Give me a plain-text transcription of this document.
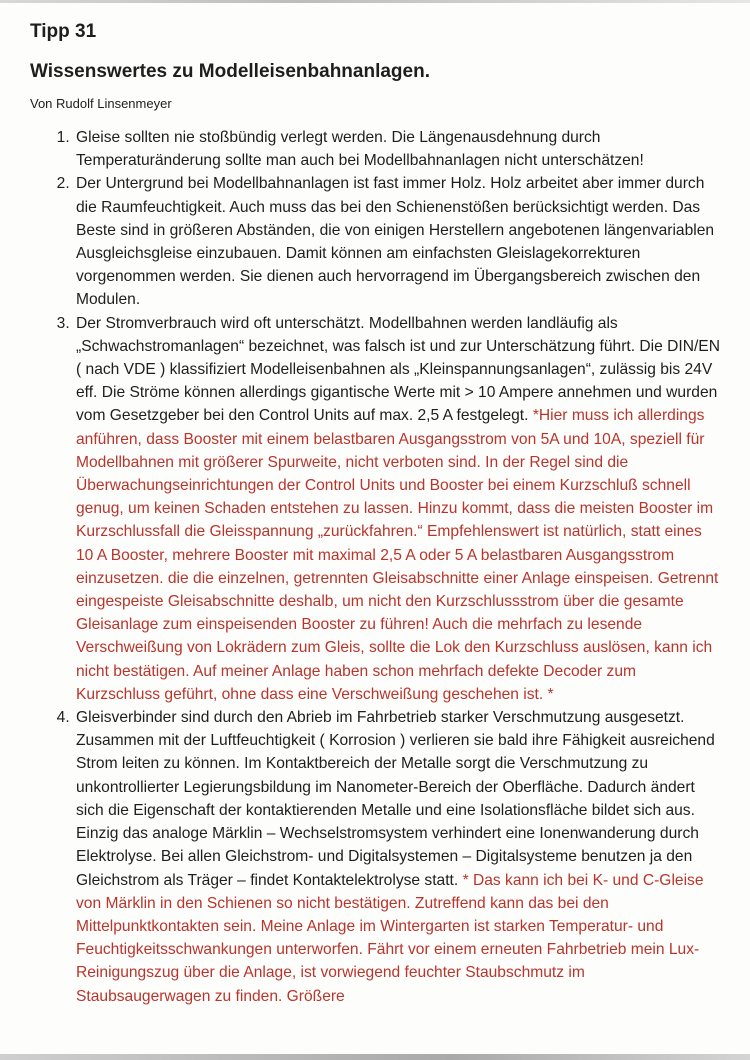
Tipp 31
Wissenswertes zu Modelleisenbahnanlagen.

Von Rudolf Linsenmeyer

1. Gleise sollten nie stoßbündig verlegt werden. Die Längenausdehnung durch Temperaturänderung sollte man auch bei Modellbahnanlagen nicht unterschätzen!
2. Der Untergrund bei Modellbahnanlagen ist fast immer Holz. Holz arbeitet aber immer durch die Raumfeuchtigkeit. Auch muss das bei den Schienenstößen berücksichtigt werden. Das Beste sind in größeren Abständen, die von einigen Herstellern angebotenen längenvariablen Ausgleichsgleise einzubauen. Damit können am einfachsten Gleislagekorrekturen vorgenommen werden. Sie dienen auch hervorragend im Übergangsbereich zwischen den Modulen.
3. Der Stromverbrauch wird oft unterschätzt. Modellbahnen werden landläufig als „Schwachstromanlagen“ bezeichnet, was falsch ist und zur Unterschätzung führt. Die DIN/EN ( nach VDE ) klassifiziert Modelleisenbahnen als „Kleinspannungsanlagen“, zulässig bis 24V eff. Die Ströme können allerdings gigantische Werte mit > 10 Ampere annehmen und wurden vom Gesetzgeber bei den Control Units auf max. 2,5 A festgelegt. *Hier muss ich allerdings anführen, dass Booster mit einem belastbaren Ausgangsstrom von 5A und 10A, speziell für Modellbahnen mit größerer Spurweite, nicht verboten sind. In der Regel sind die Überwachungseinrichtungen der Control Units und Booster bei einem Kurzschluß schnell genug, um keinen Schaden entstehen zu lassen. Hinzu kommt, dass die meisten Booster im Kurzschlussfall die Gleisspannung „zurückfahren.“ Empfehlenswert ist natürlich, statt eines 10 A Booster, mehrere Booster mit maximal 2,5 A oder 5 A belastbaren Ausgangsstrom einzusetzen. die die einzelnen, getrennten Gleisabschnitte einer Anlage einspeisen. Getrennt eingespeiste Gleisabschnitte deshalb, um nicht den Kurzschlussstrom über die gesamte Gleisanlage zum einspeisenden Booster zu führen! Auch die mehrfach zu lesende Verschweißung von Lokrädern zum Gleis, sollte die Lok den Kurzschluss auslösen, kann ich nicht bestätigen. Auf meiner Anlage haben schon mehrfach defekte Decoder zum Kurzschluss geführt, ohne dass eine Verschweißung geschehen ist. *
4. Gleisverbinder sind durch den Abrieb im Fahrbetrieb starker Verschmutzung ausgesetzt. Zusammen mit der Luftfeuchtigkeit ( Korrosion ) verlieren sie bald ihre Fähigkeit ausreichend Strom leiten zu können. Im Kontaktbereich der Metalle sorgt die Verschmutzung zu unkontrollierter Legierungsbildung im Nanometer-Bereich der Oberfläche. Dadurch ändert sich die Eigenschaft der kontaktierenden Metalle und eine Isolationsfläche bildet sich aus. Einzig das analoge Märklin – Wechselstromsystem verhindert eine Ionenwanderung durch Elektrolyse. Bei allen Gleichstrom- und Digitalsystemen – Digitalsysteme benutzen ja den Gleichstrom als Träger – findet Kontaktelektrolyse statt. * Das kann ich bei K- und C-Gleise von Märklin in den Schienen so nicht bestätigen. Zutreffend kann das bei den Mittelpunktkontakten sein. Meine Anlage im Wintergarten ist starken Temperatur- und Feuchtigkeitsschwankungen unterworfen. Fährt vor einem erneuten Fahrbetrieb mein Lux-Reinigungszug über die Anlage, ist vorwiegend feuchter Staubschmutz im Staubsaugerwagen zu finden. Größere
